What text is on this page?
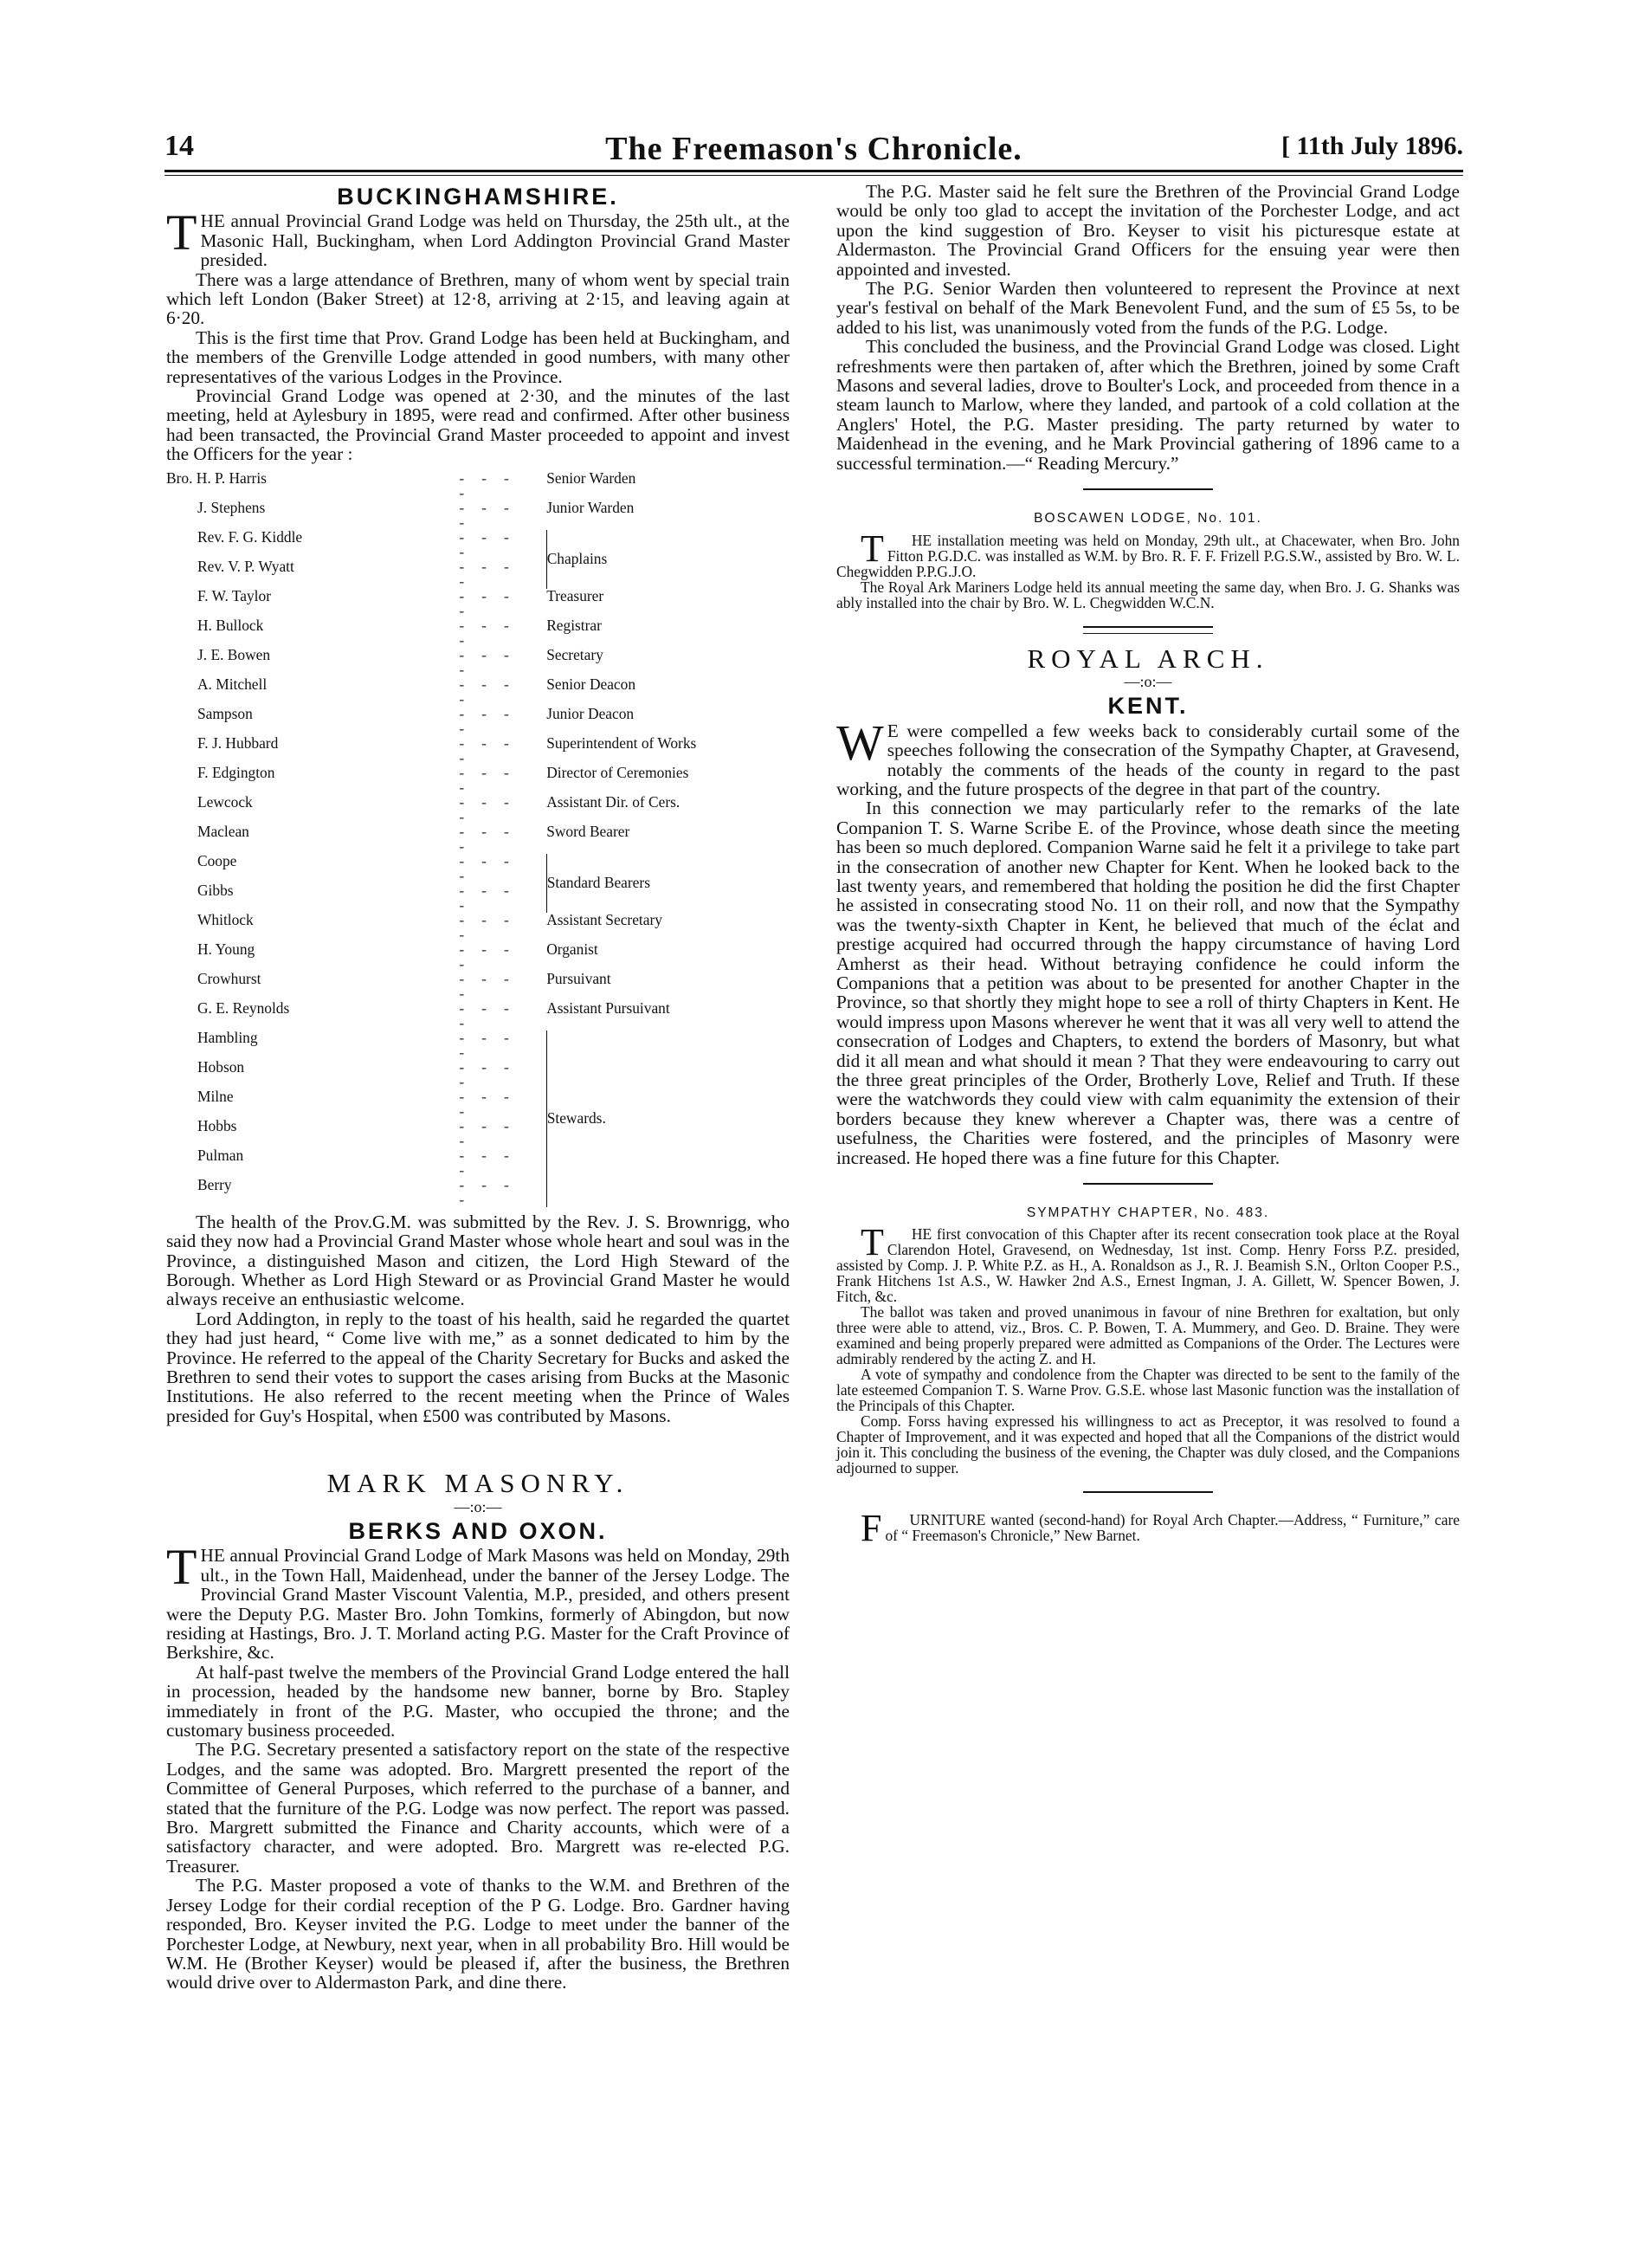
14	The Freemason's Chronicle.	[ 11th July 1896.
BUCKINGHAMSHIRE.

THE annual Provincial Grand Lodge was held on Thursday, the 25th ult., at the Masonic Hall, Buckingham, when Lord Addington Provincial Grand Master presided.

There was a large attendance of Brethren, many of whom went by special train which left London (Baker Street) at 12·8, arriving at 2·15, and leaving again at 6·20.

This is the first time that Prov. Grand Lodge has been held at Buckingham, and the members of the Grenville Lodge attended in good numbers, with many other representatives of the various Lodges in the Province.

Provincial Grand Lodge was opened at 2·30, and the minutes of the last meeting, held at Aylesbury in 1895, were read and confirmed. After other business had been transacted, the Provincial Grand Master proceeded to appoint and invest the Officers for the year :

Bro. H. P. Harris	----	Senior Warden
J. Stephens	----	Junior Warden
Rev. F. G. Kiddle	----	Chaplains
Rev. V. P. Wyatt	----	
F. W. Taylor	----	Treasurer
H. Bullock	----	Registrar
J. E. Bowen	----	Secretary
A. Mitchell	----	Senior Deacon
Sampson	----	Junior Deacon
F. J. Hubbard	----	Superintendent of Works
F. Edgington	----	Director of Ceremonies
Lewcock	----	Assistant Dir. of Cers.
Maclean	----	Sword Bearer
Coope	----	Standard Bearers
Gibbs	----	
Whitlock	----	Assistant Secretary
H. Young	----	Organist
Crowhurst	----	Pursuivant
G. E. Reynolds	----	Assistant Pursuivant
Hambling	----	Stewards.
Hobson	----	
Milne	----	
Hobbs	----	
Pulman	----	
Berry	----	

The health of the Prov.G.M. was submitted by the Rev. J. S. Brownrigg, who said they now had a Provincial Grand Master whose whole heart and soul was in the Province, a distinguished Mason and citizen, the Lord High Steward of the Borough. Whether as Lord High Steward or as Provincial Grand Master he would always receive an enthusiastic welcome.

Lord Addington, in reply to the toast of his health, said he regarded the quartet they had just heard, “ Come live with me,” as a sonnet dedicated to him by the Province. He referred to the appeal of the Charity Secretary for Bucks and asked the Brethren to send their votes to support the cases arising from Bucks at the Masonic Institutions. He also referred to the recent meeting when the Prince of Wales presided for Guy's Hospital, when £500 was contributed by Masons.

MARK MASONRY.
—:o:—
BERKS AND OXON.

THE annual Provincial Grand Lodge of Mark Masons was held on Monday, 29th ult., in the Town Hall, Maidenhead, under the banner of the Jersey Lodge. The Provincial Grand Master Viscount Valentia, M.P., presided, and others present were the Deputy P.G. Master Bro. John Tomkins, formerly of Abingdon, but now residing at Hastings, Bro. J. T. Morland acting P.G. Master for the Craft Province of Berkshire, &c.

At half-past twelve the members of the Provincial Grand Lodge entered the hall in procession, headed by the handsome new banner, borne by Bro. Stapley immediately in front of the P.G. Master, who occupied the throne; and the customary business proceeded.

The P.G. Secretary presented a satisfactory report on the state of the respective Lodges, and the same was adopted. Bro. Margrett presented the report of the Committee of General Purposes, which referred to the purchase of a banner, and stated that the furniture of the P.G. Lodge was now perfect. The report was passed. Bro. Margrett submitted the Finance and Charity accounts, which were of a satisfactory character, and were adopted. Bro. Margrett was re-elected P.G. Treasurer.

The P.G. Master proposed a vote of thanks to the W.M. and Brethren of the Jersey Lodge for their cordial reception of the P G. Lodge. Bro. Gardner having responded, Bro. Keyser invited the P.G. Lodge to meet under the banner of the Porchester Lodge, at Newbury, next year, when in all probability Bro. Hill would be W.M. He (Brother Keyser) would be pleased if, after the business, the Brethren would drive over to Aldermaston Park, and dine there.

The P.G. Master said he felt sure the Brethren of the Provincial Grand Lodge would be only too glad to accept the invitation of the Porchester Lodge, and act upon the kind suggestion of Bro. Keyser to visit his picturesque estate at Aldermaston. The Provincial Grand Officers for the ensuing year were then appointed and invested.

The P.G. Senior Warden then volunteered to represent the Province at next year's festival on behalf of the Mark Benevolent Fund, and the sum of £5 5s, to be added to his list, was unanimously voted from the funds of the P.G. Lodge.

This concluded the business, and the Provincial Grand Lodge was closed. Light refreshments were then partaken of, after which the Brethren, joined by some Craft Masons and several ladies, drove to Boulter's Lock, and proceeded from thence in a steam launch to Marlow, where they landed, and partook of a cold collation at the Anglers' Hotel, the P.G. Master presiding. The party returned by water to Maidenhead in the evening, and he Mark Provincial gathering of 1896 came to a successful termination.—“ Reading Mercury.”

BOSCAWEN LODGE, No. 101.

T HE installation meeting was held on Monday, 29th ult., at Chacewater, when Bro. John Fitton P.G.D.C. was installed as W.M. by Bro. R. F. F. Frizell P.G.S.W., assisted by Bro. W. L. Chegwidden P.P.G.J.O.

The Royal Ark Mariners Lodge held its annual meeting the same day, when Bro. J. G. Shanks was ably installed into the chair by Bro. W. L. Chegwidden W.C.N.

ROYAL ARCH.
—:o:—
KENT.

W E were compelled a few weeks back to considerably curtail some of the speeches following the consecration of the Sympathy Chapter, at Gravesend, notably the comments of the heads of the county in regard to the past working, and the future prospects of the degree in that part of the country.

In this connection we may particularly refer to the remarks of the late Companion T. S. Warne Scribe E. of the Province, whose death since the meeting has been so much deplored. Companion Warne said he felt it a privilege to take part in the consecration of another new Chapter for Kent. When he looked back to the last twenty years, and remembered that holding the position he did the first Chapter he assisted in consecrating stood No. 11 on their roll, and now that the Sympathy was the twenty-sixth Chapter in Kent, he believed that much of the éclat and prestige acquired had occurred through the happy circumstance of having Lord Amherst as their head. Without betraying confidence he could inform the Companions that a petition was about to be presented for another Chapter in the Province, so that shortly they might hope to see a roll of thirty Chapters in Kent. He would impress upon Masons wherever he went that it was all very well to attend the consecration of Lodges and Chapters, to extend the borders of Masonry, but what did it all mean and what should it mean ? That they were endeavouring to carry out the three great principles of the Order, Brotherly Love, Relief and Truth. If these were the watchwords they could view with calm equanimity the extension of their borders because they knew wherever a Chapter was, there was a centre of usefulness, the Charities were fostered, and the principles of Masonry were increased. He hoped there was a fine future for this Chapter.

SYMPATHY CHAPTER, No. 483.

T HE first convocation of this Chapter after its recent consecration took place at the Royal Clarendon Hotel, Gravesend, on Wednesday, 1st inst. Comp. Henry Forss P.Z. presided, assisted by Comp. J. P. White P.Z. as H., A. Ronaldson as J., R. J. Beamish S.N., Orlton Cooper P.S., Frank Hitchens 1st A.S., W. Hawker 2nd A.S., Ernest Ingman, J. A. Gillett, W. Spencer Bowen, J. Fitch, &c.

The ballot was taken and proved unanimous in favour of nine Brethren for exaltation, but only three were able to attend, viz., Bros. C. P. Bowen, T. A. Mummery, and Geo. D. Braine. They were examined and being properly prepared were admitted as Companions of the Order. The Lectures were admirably rendered by the acting Z. and H.

A vote of sympathy and condolence from the Chapter was directed to be sent to the family of the late esteemed Companion T. S. Warne Prov. G.S.E. whose last Masonic function was the installation of the Principals of this Chapter.

Comp. Forss having expressed his willingness to act as Preceptor, it was resolved to found a Chapter of Improvement, and it was expected and hoped that all the Companions of the district would join it. This concluding the business of the evening, the Chapter was duly closed, and the Companions adjourned to supper.

F URNITURE wanted (second-hand) for Royal Arch Chapter.—Address, “ Furniture,” care of “ Freemason's Chronicle,” New Barnet.
